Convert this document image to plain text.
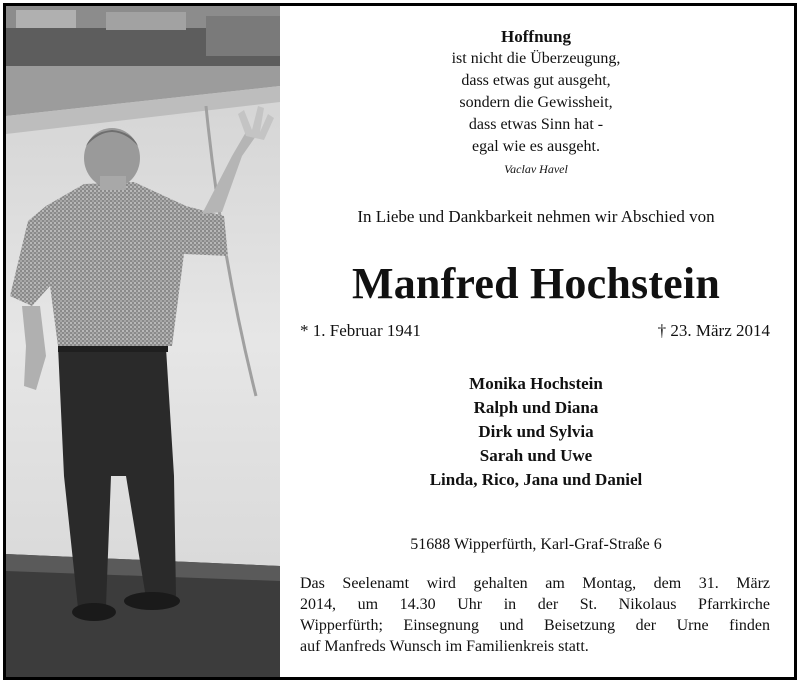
Hoffnung
ist nicht die Überzeugung,
dass etwas gut ausgeht,
sondern die Gewissheit,
dass etwas Sinn hat -
egal wie es ausgeht.
Vaclav Havel
In Liebe und Dankbarkeit nehmen wir Abschied von
Manfred Hochstein
* 1. Februar 1941	† 23. März 2014
Monika Hochstein
Ralph und Diana
Dirk und Sylvia
Sarah und Uwe
Linda, Rico, Jana und Daniel
51688 Wipperfürth, Karl-Graf-Straße 6
Das Seelenamt wird gehalten am Montag, dem 31. März
2014, um 14.30 Uhr in der St. Nikolaus Pfarrkirche
Wipperfürth; Einsegnung und Beisetzung der Urne finden
auf Manfreds Wunsch im Familienkreis statt.
